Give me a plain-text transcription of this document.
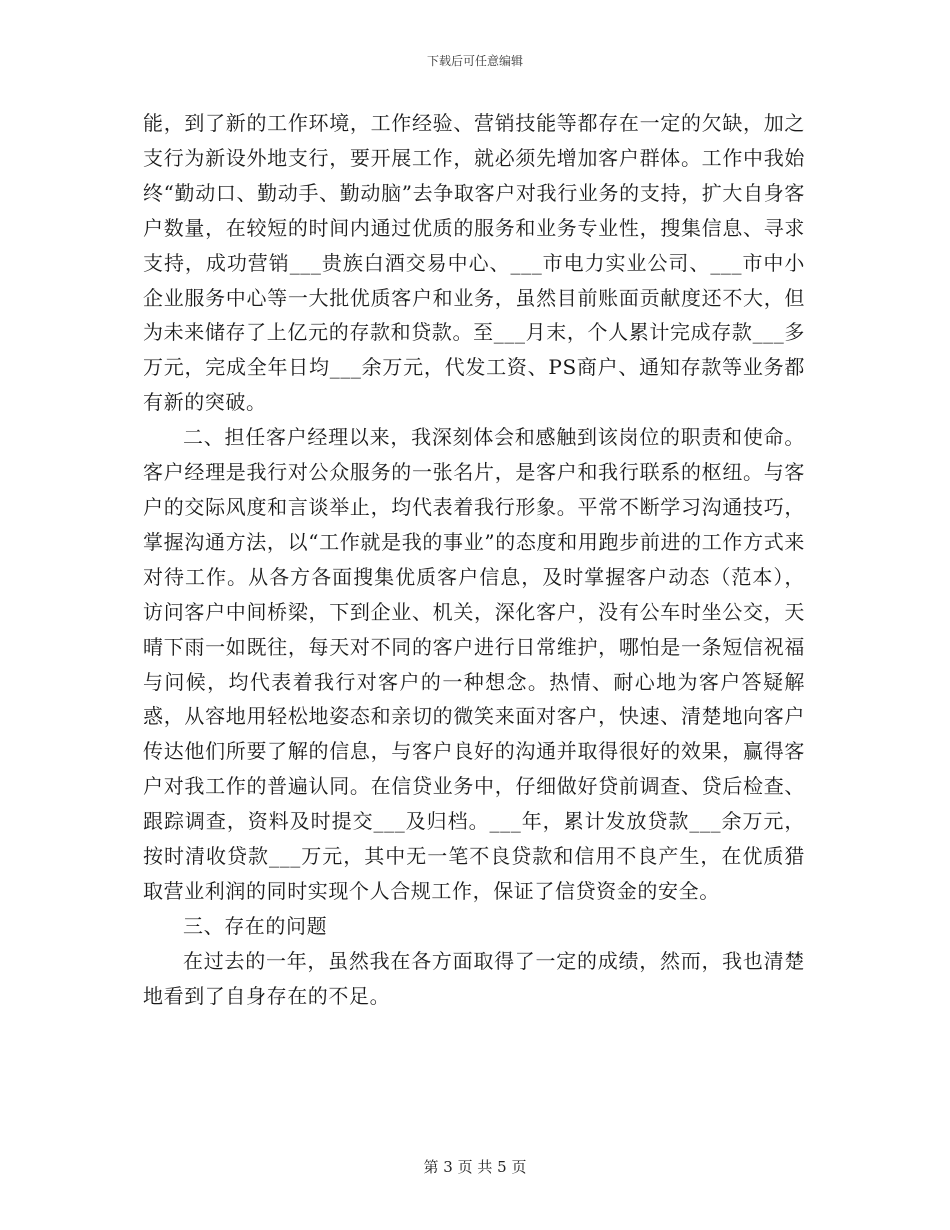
下载后可任意编辑

能，到了新的工作环境，工作经验、营销技能等都存在一定的欠缺，加之支行为新设外地支行，要开展工作，就必须先增加客户群体。工作中我始终“勤动口、勤动手、勤动脑”去争取客户对我行业务的支持，扩大自身客户数量，在较短的时间内通过优质的服务和业务专业性，搜集信息、寻求支持，成功营销___贵族白酒交易中心、___市电力实业公司、___市中小企业服务中心等一大批优质客户和业务，虽然目前账面贡献度还不大，但为未来储存了上亿元的存款和贷款。至___月末，个人累计完成存款___多万元，完成全年日均___余万元，代发工资、PS商户、通知存款等业务都有新的突破。

二、担任客户经理以来，我深刻体会和感触到该岗位的职责和使命。客户经理是我行对公众服务的一张名片，是客户和我行联系的枢纽。与客户的交际风度和言谈举止，均代表着我行形象。平常不断学习沟通技巧，掌握沟通方法，以“工作就是我的事业”的态度和用跑步前进的工作方式来对待工作。从各方各面搜集优质客户信息，及时掌握客户动态（范本），访问客户中间桥梁，下到企业、机关，深化客户，没有公车时坐公交，天晴下雨一如既往，每天对不同的客户进行日常维护，哪怕是一条短信祝福与问候，均代表着我行对客户的一种想念。热情、耐心地为客户答疑解惑，从容地用轻松地姿态和亲切的微笑来面对客户，快速、清楚地向客户传达他们所要了解的信息，与客户良好的沟通并取得很好的效果，赢得客户对我工作的普遍认同。在信贷业务中，仔细做好贷前调查、贷后检查、跟踪调查，资料及时提交___及归档。___年，累计发放贷款___余万元，按时清收贷款___万元，其中无一笔不良贷款和信用不良产生，在优质猎取营业利润的同时实现个人合规工作，保证了信贷资金的安全。

三、存在的问题

在过去的一年，虽然我在各方面取得了一定的成绩，然而，我也清楚地看到了自身存在的不足。

第 3 页 共 5 页
